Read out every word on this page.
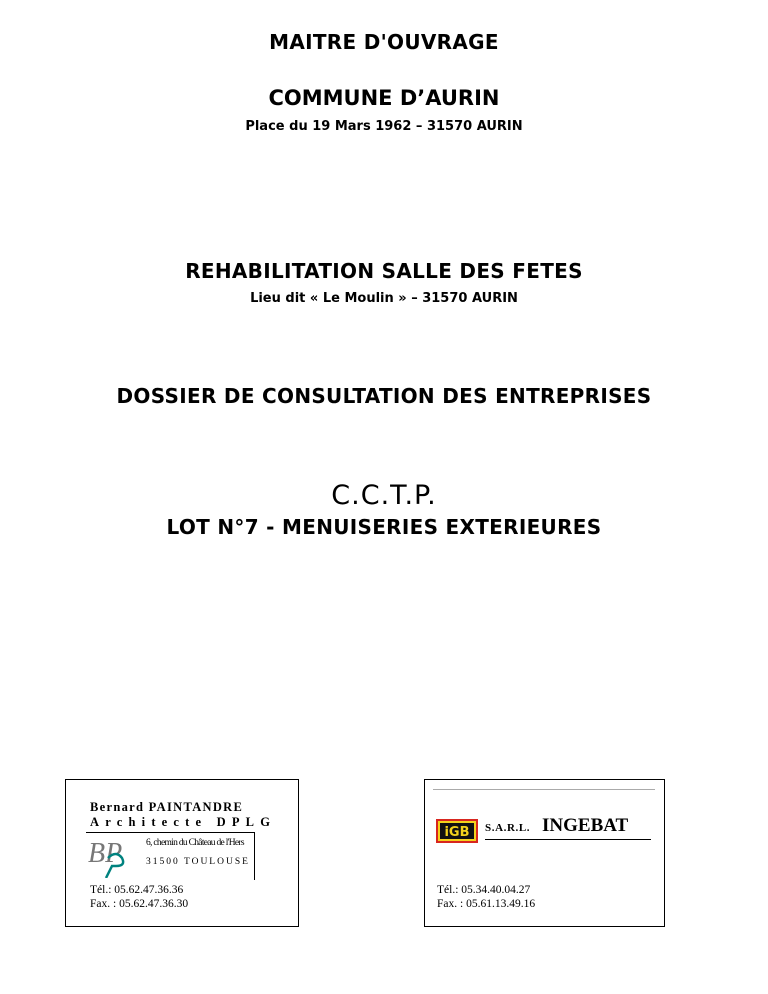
MAITRE D'OUVRAGE
COMMUNE D’AURIN
Place du 19 Mars 1962 – 31570 AURIN
REHABILITATION SALLE DES FETES
Lieu dit « Le Moulin » – 31570 AURIN
DOSSIER DE CONSULTATION DES ENTREPRISES
C.C.T.P.
LOT N°7 - MENUISERIES EXTERIEURES
Bernard PAINTANDRE
Architecte DPLG
BP	6, chemin du Château de l'Hers
31500 TOULOUSE
Tél.: 05.62.47.36.36
Fax. : 05.62.47.36.30
iGB S.A.R.L. INGEBAT
Tél.: 05.34.40.04.27
Fax. : 05.61.13.49.16
